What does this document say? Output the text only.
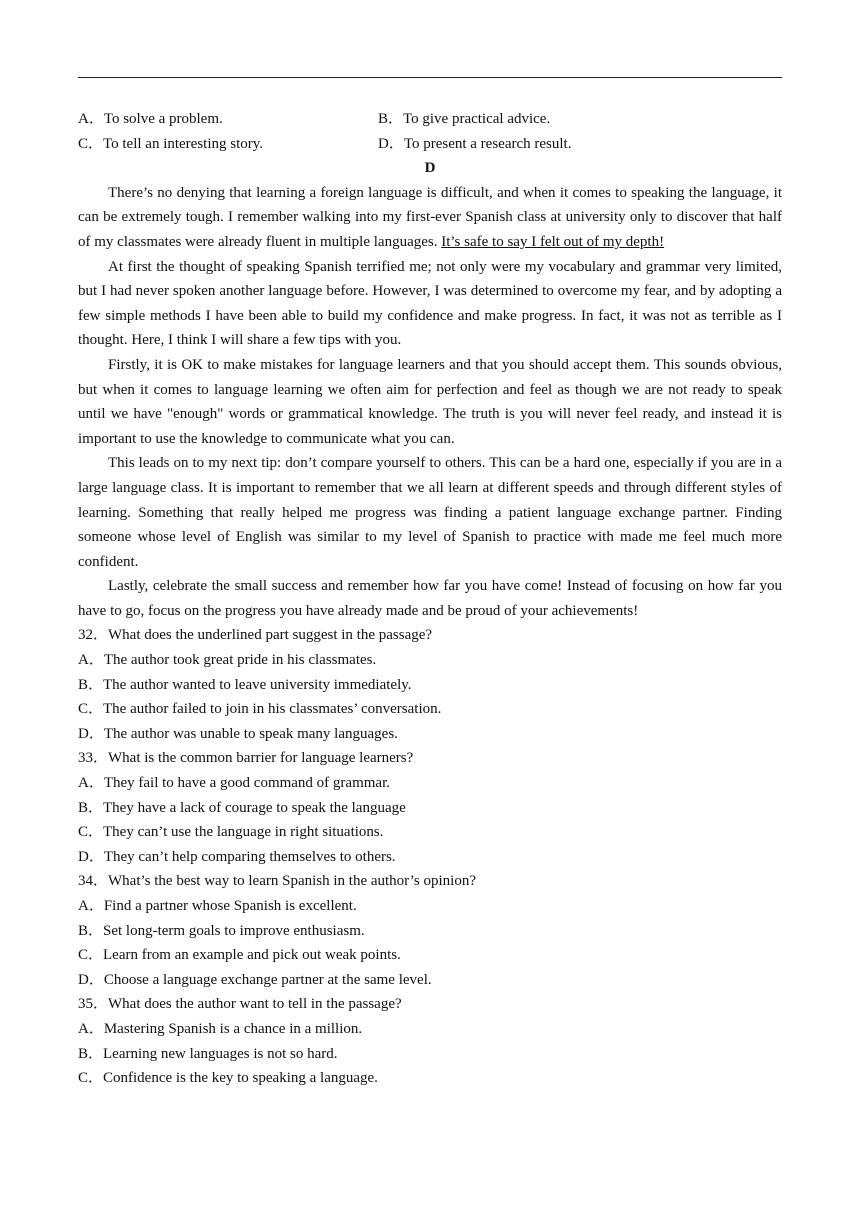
A．To solve a problem.	B．To give practical advice.
C．To tell an interesting story.	D．To present a research result.
D
There’s no denying that learning a foreign language is difficult, and when it comes to speaking the language, it can be extremely tough. I remember walking into my first-ever Spanish class at university only to discover that half of my classmates were already fluent in multiple languages. It’s safe to say I felt out of my depth!
At first the thought of speaking Spanish terrified me; not only were my vocabulary and grammar very limited, but I had never spoken another language before. However, I was determined to overcome my fear, and by adopting a few simple methods I have been able to build my confidence and make progress. In fact, it was not as terrible as I thought. Here, I think I will share a few tips with you.
Firstly, it is OK to make mistakes for language learners and that you should accept them. This sounds obvious, but when it comes to language learning we often aim for perfection and feel as though we are not ready to speak until we have "enough" words or grammatical knowledge. The truth is you will never feel ready, and instead it is important to use the knowledge to communicate what you can.
This leads on to my next tip: don’t compare yourself to others. This can be a hard one, especially if you are in a large language class. It is important to remember that we all learn at different speeds and through different styles of learning. Something that really helped me progress was finding a patient language exchange partner. Finding someone whose level of English was similar to my level of Spanish to practice with made me feel much more confident.
Lastly, celebrate the small success and remember how far you have come! Instead of focusing on how far you have to go, focus on the progress you have already made and be proud of your achievements!
32．What does the underlined part suggest in the passage?
A．The author took great pride in his classmates.
B．The author wanted to leave university immediately.
C．The author failed to join in his classmates’ conversation.
D．The author was unable to speak many languages.
33．What is the common barrier for language learners?
A．They fail to have a good command of grammar.
B．They have a lack of courage to speak the language
C．They can’t use the language in right situations.
D．They can’t help comparing themselves to others.
34．What’s the best way to learn Spanish in the author’s opinion?
A．Find a partner whose Spanish is excellent.
B．Set long-term goals to improve enthusiasm.
C．Learn from an example and pick out weak points.
D．Choose a language exchange partner at the same level.
35．What does the author want to tell in the passage?
A．Mastering Spanish is a chance in a million.
B．Learning new languages is not so hard.
C．Confidence is the key to speaking a language.
